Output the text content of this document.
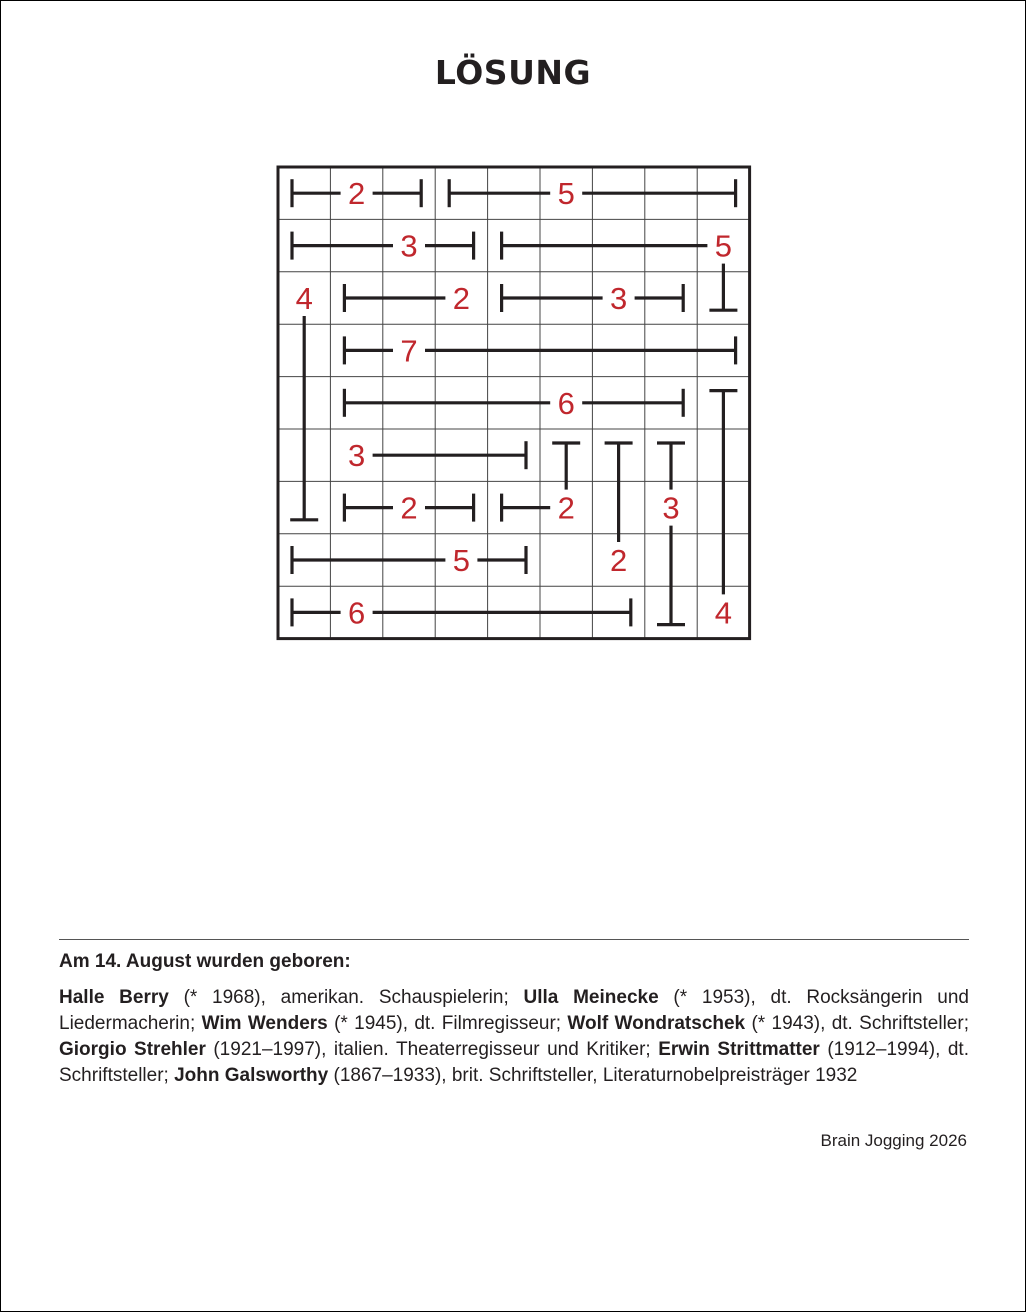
LÖSUNG
2	5
3	5
4	2	3
7
6
3
2	2	3
5	2
6	4
Am 14. August wurden geboren:
Halle Berry (* 1968), amerikan. Schauspielerin; Ulla Meinecke (* 1953), dt. Rocksängerin und Liedermacherin; Wim Wenders (* 1945), dt. Filmregisseur; Wolf Wondratschek (* 1943), dt. Schriftsteller; Giorgio Strehler (1921–1997), italien. Theaterregisseur und Kritiker; Erwin Strittmatter (1912–1994), dt. Schriftsteller; John Galsworthy (1867–1933), brit. Schriftsteller, Literaturnobelpreisträger 1932
Brain Jogging 2026
